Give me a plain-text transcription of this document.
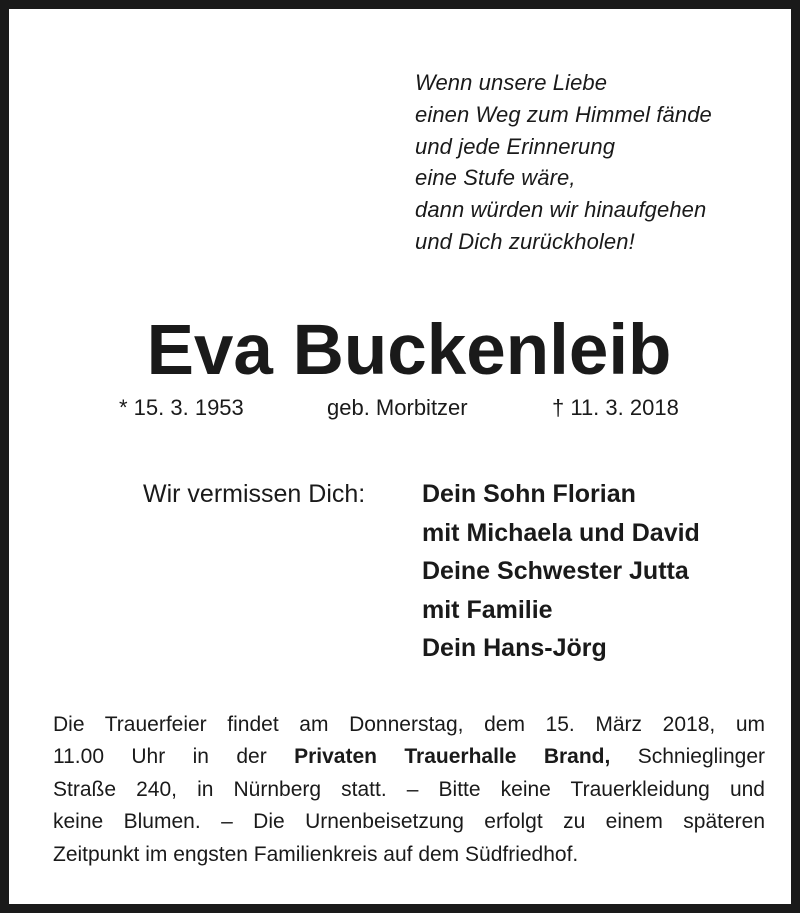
Wenn unsere Liebe
einen Weg zum Himmel fände
und jede Erinnerung
eine Stufe wäre,
dann würden wir hinaufgehen
und Dich zurückholen!
Eva Buckenleib
* 15. 3. 1953	geb. Morbitzer	† 11. 3. 2018
Wir vermissen Dich: Dein Sohn Florian
mit Michaela und David
Deine Schwester Jutta
mit Familie
Dein Hans-Jörg
Die Trauerfeier findet am Donnerstag, dem 15. März 2018, um
11.00 Uhr in der Privaten Trauerhalle Brand, Schnieglinger
Straße 240, in Nürnberg statt. – Bitte keine Trauerkleidung und
keine Blumen. – Die Urnenbeisetzung erfolgt zu einem späteren
Zeitpunkt im engsten Familienkreis auf dem Südfriedhof.
